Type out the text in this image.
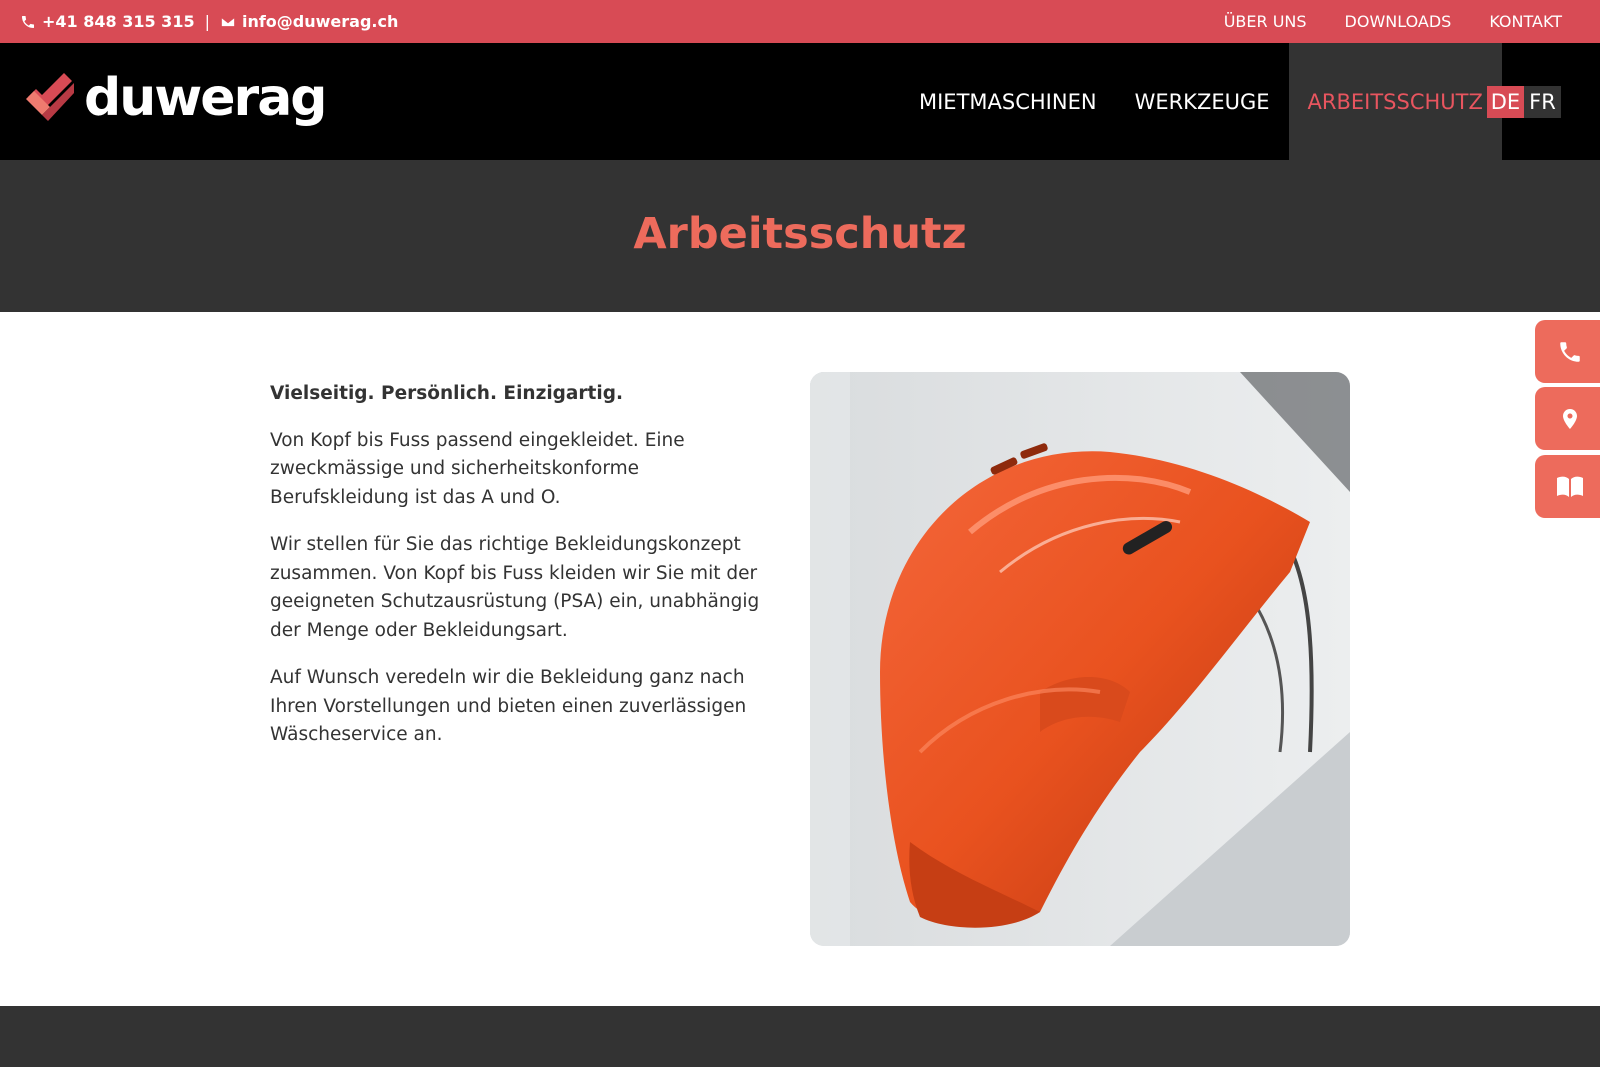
+41 848 315 315 | info@duwerag.ch	ÜBER UNS DOWNLOADS KONTAKT
duwerag	MIETMASCHINEN WERKZEUGE ARBEITSSCHUTZ DE FR
Arbeitsschutz

Vielseitig. Persönlich. Einzigartig.

Von Kopf bis Fuss passend eingekleidet. Eine zweckmässige und sicherheitskonforme Berufskleidung ist das A und O.

Wir stellen für Sie das richtige Bekleidungskonzept zusammen. Von Kopf bis Fuss kleiden wir Sie mit der geeigneten Schutzausrüstung (PSA) ein, unabhängig der Menge oder Bekleidungsart.

Auf Wunsch veredeln wir die Bekleidung ganz nach Ihren Vorstellungen und bieten einen zuverlässigen Wäscheservice an.
